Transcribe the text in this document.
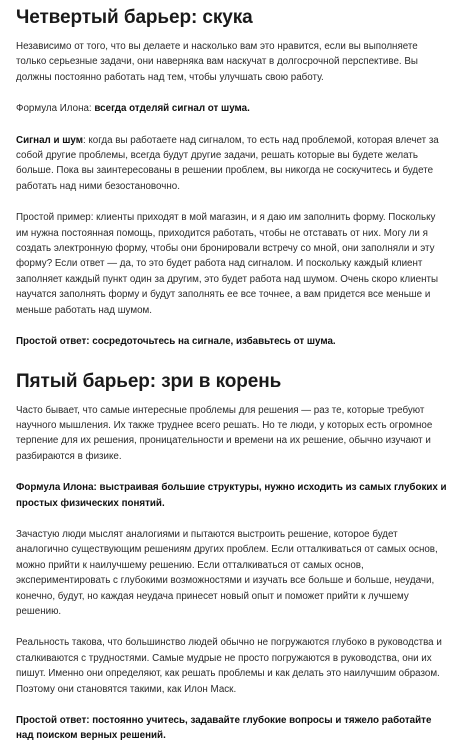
Четвертый барьер: скука

Независимо от того, что вы делаете и насколько вам это нравится, если вы выполняете только серьезные задачи, они наверняка вам наскучат в долгосрочной перспективе. Вы должны постоянно работать над тем, чтобы улучшать свою работу.

Формула Илона: всегда отделяй сигнал от шума.

Сигнал и шум: когда вы работаете над сигналом, то есть над проблемой, которая влечет за собой другие проблемы, всегда будут другие задачи, решать которые вы будете желать больше. Пока вы заинтересованы в решении проблем, вы никогда не соскучитесь и будете работать над ними безостановочно.

Простой пример: клиенты приходят в мой магазин, и я даю им заполнить форму. Поскольку им нужна постоянная помощь, приходится работать, чтобы не отставать от них. Могу ли я создать электронную форму, чтобы они бронировали встречу со мной, они заполняли и эту форму? Если ответ — да, то это будет работа над сигналом. И поскольку каждый клиент заполняет каждый пункт один за другим, это будет работа над шумом. Очень скоро клиенты научатся заполнять форму и будут заполнять ее все точнее, а вам придется все меньше и меньше работать над шумом.

Простой ответ: сосредоточьтесь на сигнале, избавьтесь от шума.

Пятый барьер: зри в корень

Часто бывает, что самые интересные проблемы для решения — раз те, которые требуют научного мышления. Их также труднее всего решать. Но те люди, у которых есть огромное терпение для их решения, проницательности и времени на их решение, обычно изучают и разбираются в физике.

Формула Илона: выстраивая большие структуры, нужно исходить из самых глубоких и простых физических понятий.

Зачастую люди мыслят аналогиями и пытаются выстроить решение, которое будет аналогично существующим решениям других проблем. Если отталкиваться от самых основ, можно прийти к наилучшему решению. Если отталкиваться от самых основ, экспериментировать с глубокими возможностями и изучать все больше и больше, неудачи, конечно, будут, но каждая неудача принесет новый опыт и поможет прийти к лучшему решению.

Реальность такова, что большинство людей обычно не погружаются глубоко в руководства и сталкиваются с трудностями. Самые мудрые не просто погружаются в руководства, они их пишут. Именно они определяют, как решать проблемы и как делать это наилучшим образом. Поэтому они становятся такими, как Илон Маск.

Простой ответ: постоянно учитесь, задавайте глубокие вопросы и тяжело работайте над поиском верных решений.
